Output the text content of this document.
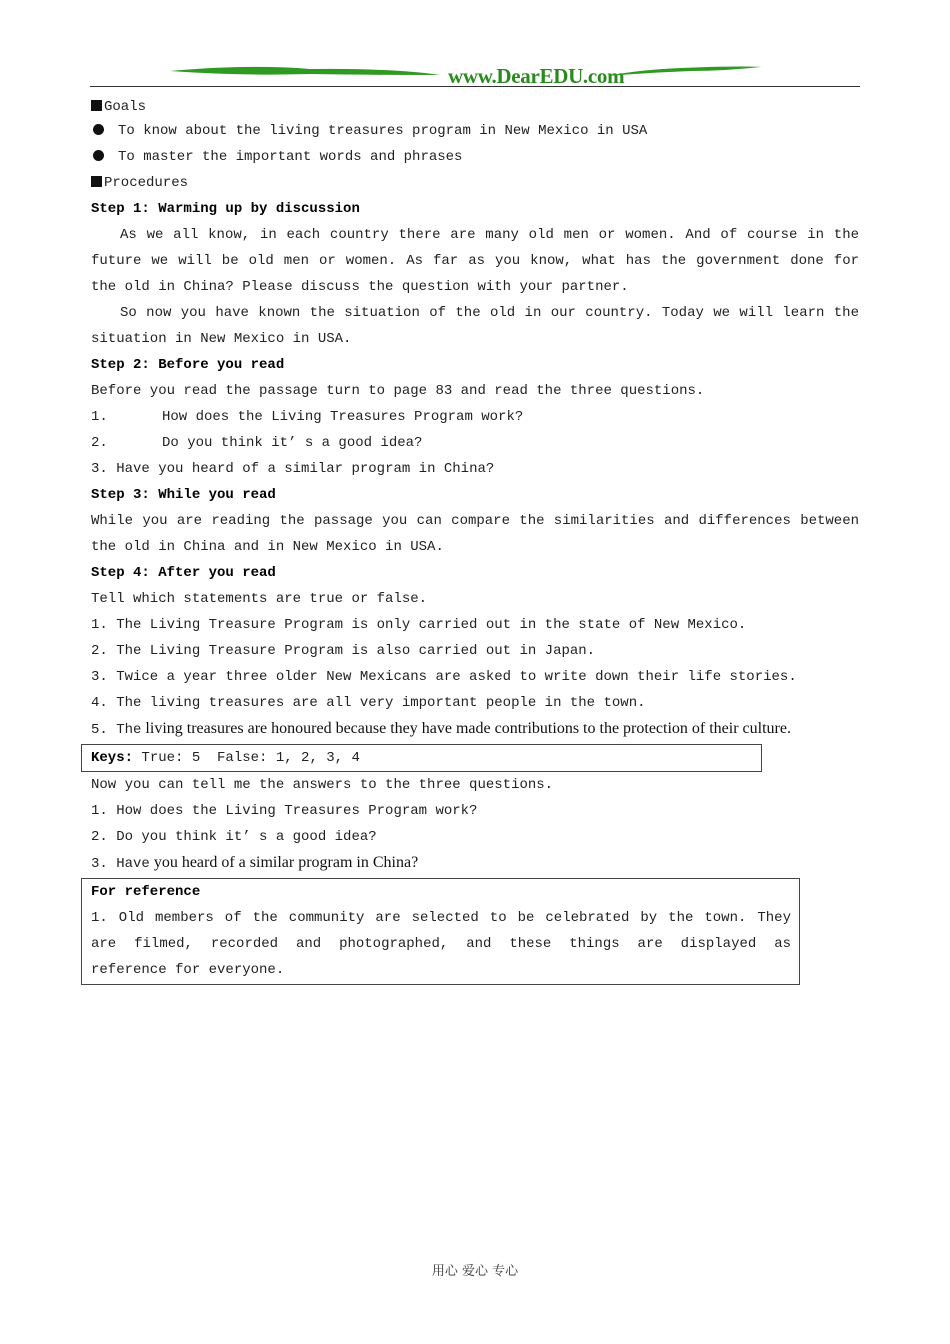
www.DearEDU.com
Goals
To know about the living treasures program in New Mexico in USA
To master the important words and phrases
Procedures
Step 1: Warming up by discussion
As we all know, in each country there are many old men or women. And of course in the
future we will be old men or women. As far as you know, what has the government done for
the old in China? Please discuss the question with your partner.
So now you have known the situation of the old in our country. Today we will learn the
situation in New Mexico in USA.
Step 2: Before you read
Before you read the passage turn to page 83 and read the three questions.
1.	How does the Living Treasures Program work?
2.	Do you think it’ s a good idea?
3. Have you heard of a similar program in China?
Step 3: While you read
While you are reading the passage you can compare the similarities and differences between
the old in China and in New Mexico in USA.
Step 4: After you read
Tell which statements are true or false.
1. The Living Treasure Program is only carried out in the state of New Mexico.
2. The Living Treasure Program is also carried out in Japan.
3. Twice a year three older New Mexicans are asked to write down their life stories.
4. The living treasures are all very important people in the town.
5. The living treasures are honoured because they have made contributions to the protection of their culture.
Keys: True: 5  False: 1, 2, 3, 4
Now you can tell me the answers to the three questions.
1. How does the Living Treasures Program work?
2. Do you think it’ s a good idea?
3. Have you heard of a similar program in China?
For reference
1. Old members of the community are selected to be celebrated by the town. They
are filmed, recorded and photographed, and these things are displayed as
reference for everyone.
用心 爱心 专心
